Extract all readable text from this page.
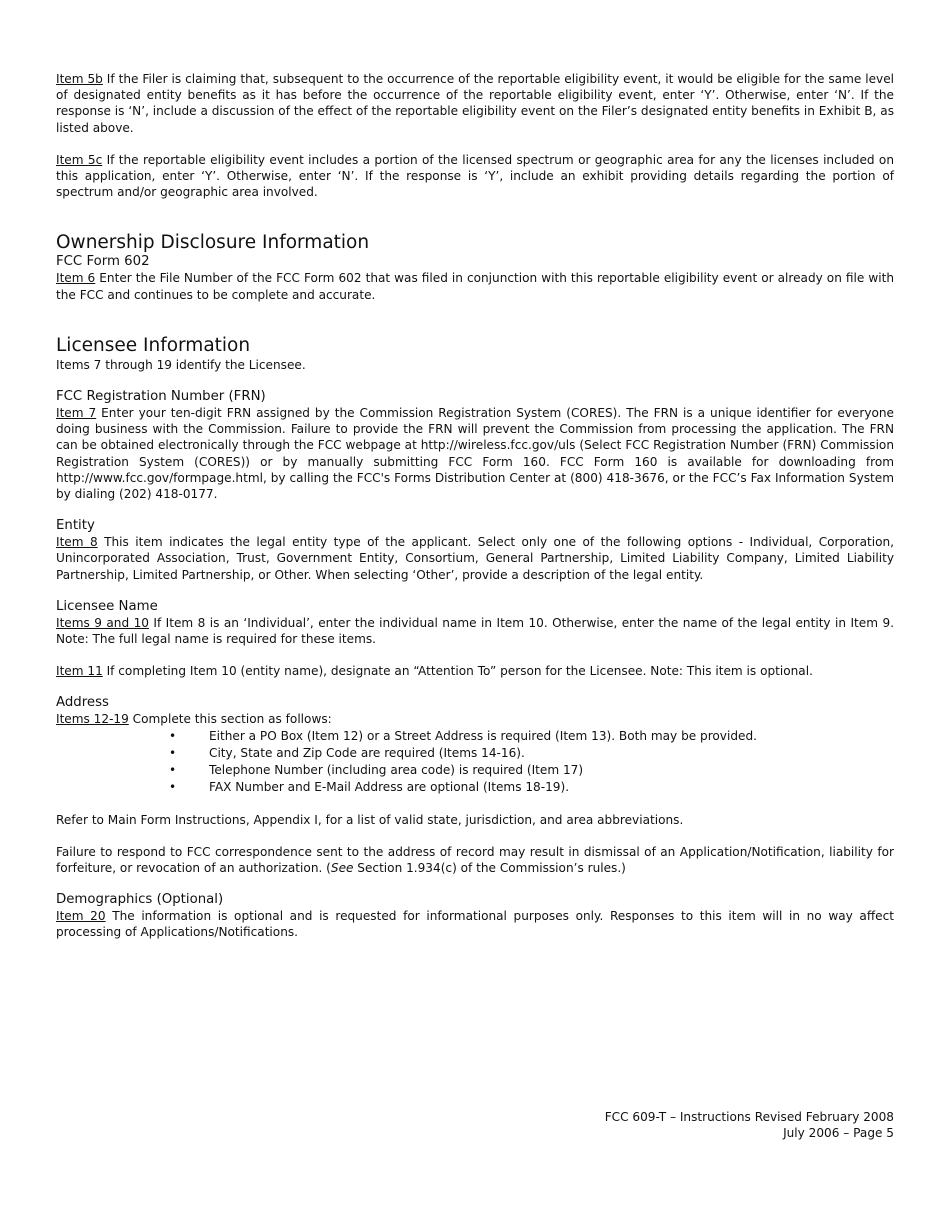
Item 5b If the Filer is claiming that, subsequent to the occurrence of the reportable eligibility event, it would be eligible for the same level of designated entity benefits as it has before the occurrence of the reportable eligibility event, enter ‘Y’. Otherwise, enter ‘N’. If the response is ‘N’, include a discussion of the effect of the reportable eligibility event on the Filer’s designated entity benefits in Exhibit B, as listed above.

Item 5c If the reportable eligibility event includes a portion of the licensed spectrum or geographic area for any the licenses included on this application, enter ‘Y’. Otherwise, enter ‘N’. If the response is ‘Y’, include an exhibit providing details regarding the portion of spectrum and/or geographic area involved.

Ownership Disclosure Information
FCC Form 602

Item 6 Enter the File Number of the FCC Form 602 that was filed in conjunction with this reportable eligibility event or already on file with the FCC and continues to be complete and accurate.

Licensee Information

Items 7 through 19 identify the Licensee.

FCC Registration Number (FRN)

Item 7 Enter your ten-digit FRN assigned by the Commission Registration System (CORES). The FRN is a unique identifier for everyone doing business with the Commission. Failure to provide the FRN will prevent the Commission from processing the application. The FRN can be obtained electronically through the FCC webpage at http://wireless.fcc.gov/uls (Select FCC Registration Number (FRN) Commission Registration System (CORES)) or by manually submitting FCC Form 160. FCC Form 160 is available for downloading from http://www.fcc.gov/formpage.html, by calling the FCC's Forms Distribution Center at (800) 418-3676, or the FCC’s Fax Information System by dialing (202) 418-0177.

Entity

Item 8 This item indicates the legal entity type of the applicant. Select only one of the following options - Individual, Corporation, Unincorporated Association, Trust, Government Entity, Consortium, General Partnership, Limited Liability Company, Limited Liability Partnership, Limited Partnership, or Other. When selecting ‘Other’, provide a description of the legal entity.

Licensee Name

Items 9 and 10 If Item 8 is an ‘Individual’, enter the individual name in Item 10. Otherwise, enter the name of the legal entity in Item 9. Note: The full legal name is required for these items.

Item 11 If completing Item 10 (entity name), designate an “Attention To” person for the Licensee. Note: This item is optional.

Address

Items 12-19 Complete this section as follows:

•	Either a PO Box (Item 12) or a Street Address is required (Item 13). Both may be provided.
•	City, State and Zip Code are required (Items 14-16).
•	Telephone Number (including area code) is required (Item 17)
•	FAX Number and E-Mail Address are optional (Items 18-19).

Refer to Main Form Instructions, Appendix I, for a list of valid state, jurisdiction, and area abbreviations.

Failure to respond to FCC correspondence sent to the address of record may result in dismissal of an Application/Notification, liability for forfeiture, or revocation of an authorization. (See Section 1.934(c) of the Commission’s rules.)

Demographics (Optional)

Item 20 The information is optional and is requested for informational purposes only. Responses to this item will in no way affect processing of Applications/Notifications.

FCC 609-T – Instructions Revised February 2008
July 2006 – Page 5
